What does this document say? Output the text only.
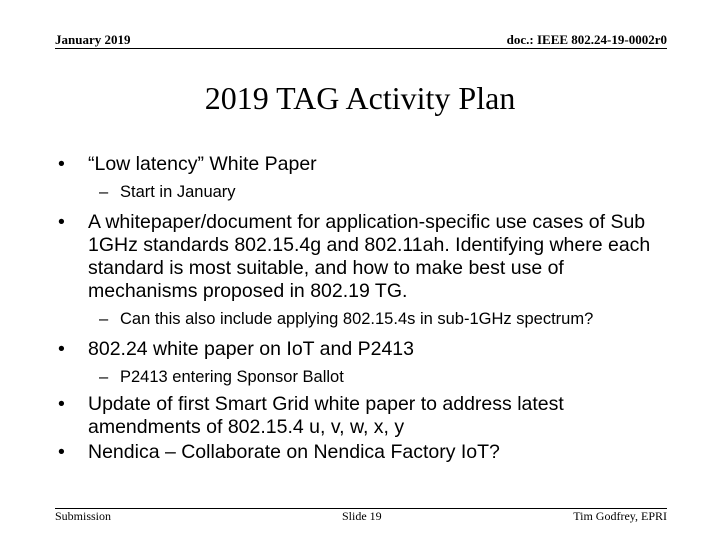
January 2019	doc.: IEEE 802.24-19-0002r0
2019 TAG Activity Plan
•	“Low latency” White Paper
– Start in January
•	A whitepaper/document for application-specific use cases of Sub 1GHz standards 802.15.4g and 802.11ah. Identifying where each standard is most suitable, and how to make best use of mechanisms proposed in 802.19 TG.
– Can this also include applying 802.15.4s in sub-1GHz spectrum?
•	802.24 white paper on IoT and P2413
– P2413 entering Sponsor Ballot
•	Update of first Smart Grid white paper to address latest amendments of 802.15.4 u, v, w, x, y
•	Nendica – Collaborate on Nendica Factory IoT?
Submission	Slide 19	Tim Godfrey, EPRI
